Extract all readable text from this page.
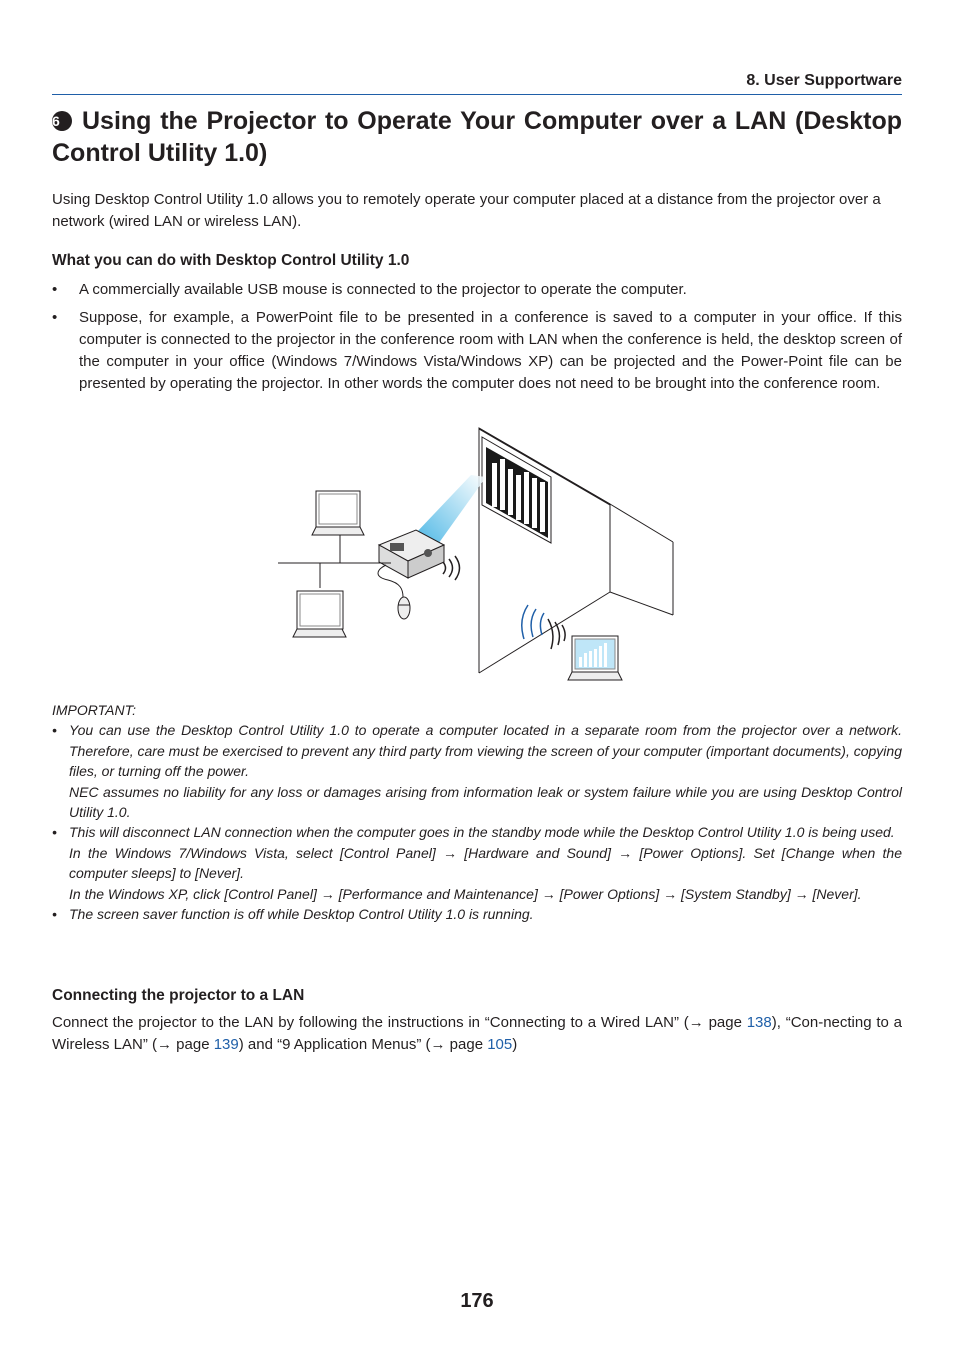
8. User Supportware
6 Using the Projector to Operate Your Computer over a LAN (Desktop Control Utility 1.0)
Using Desktop Control Utility 1.0 allows you to remotely operate your computer placed at a distance from the projector over a network (wired LAN or wireless LAN).
What you can do with Desktop Control Utility 1.0
• A commercially available USB mouse is connected to the projector to operate the computer.
• Suppose, for example, a PowerPoint file to be presented in a conference is saved to a computer in your office. If this computer is connected to the projector in the conference room with LAN when the conference is held, the desktop screen of the computer in your office (Windows 7/Windows Vista/Windows XP) can be projected and the Power-Point file can be presented by operating the projector. In other words the computer does not need to be brought into the conference room.
IMPORTANT:
• You can use the Desktop Control Utility 1.0 to operate a computer located in a separate room from the projector over a network. Therefore, care must be exercised to prevent any third party from viewing the screen of your computer (important documents), copying files, or turning off the power.
NEC assumes no liability for any loss or damages arising from information leak or system failure while you are using Desktop Control Utility 1.0.
• This will disconnect LAN connection when the computer goes in the standby mode while the Desktop Control Utility 1.0 is being used.
In the Windows 7/Windows Vista, select [Control Panel] → [Hardware and Sound] → [Power Options]. Set [Change when the computer sleeps] to [Never].
In the Windows XP, click [Control Panel] → [Performance and Maintenance] → [Power Options] → [System Standby] → [Never].
• The screen saver function is off while Desktop Control Utility 1.0 is running.
Connecting the projector to a LAN
Connect the projector to the LAN by following the instructions in “Connecting to a Wired LAN” (→ page 138), “Con-necting to a Wireless LAN” (→ page 139) and “9 Application Menus” (→ page 105)
176
